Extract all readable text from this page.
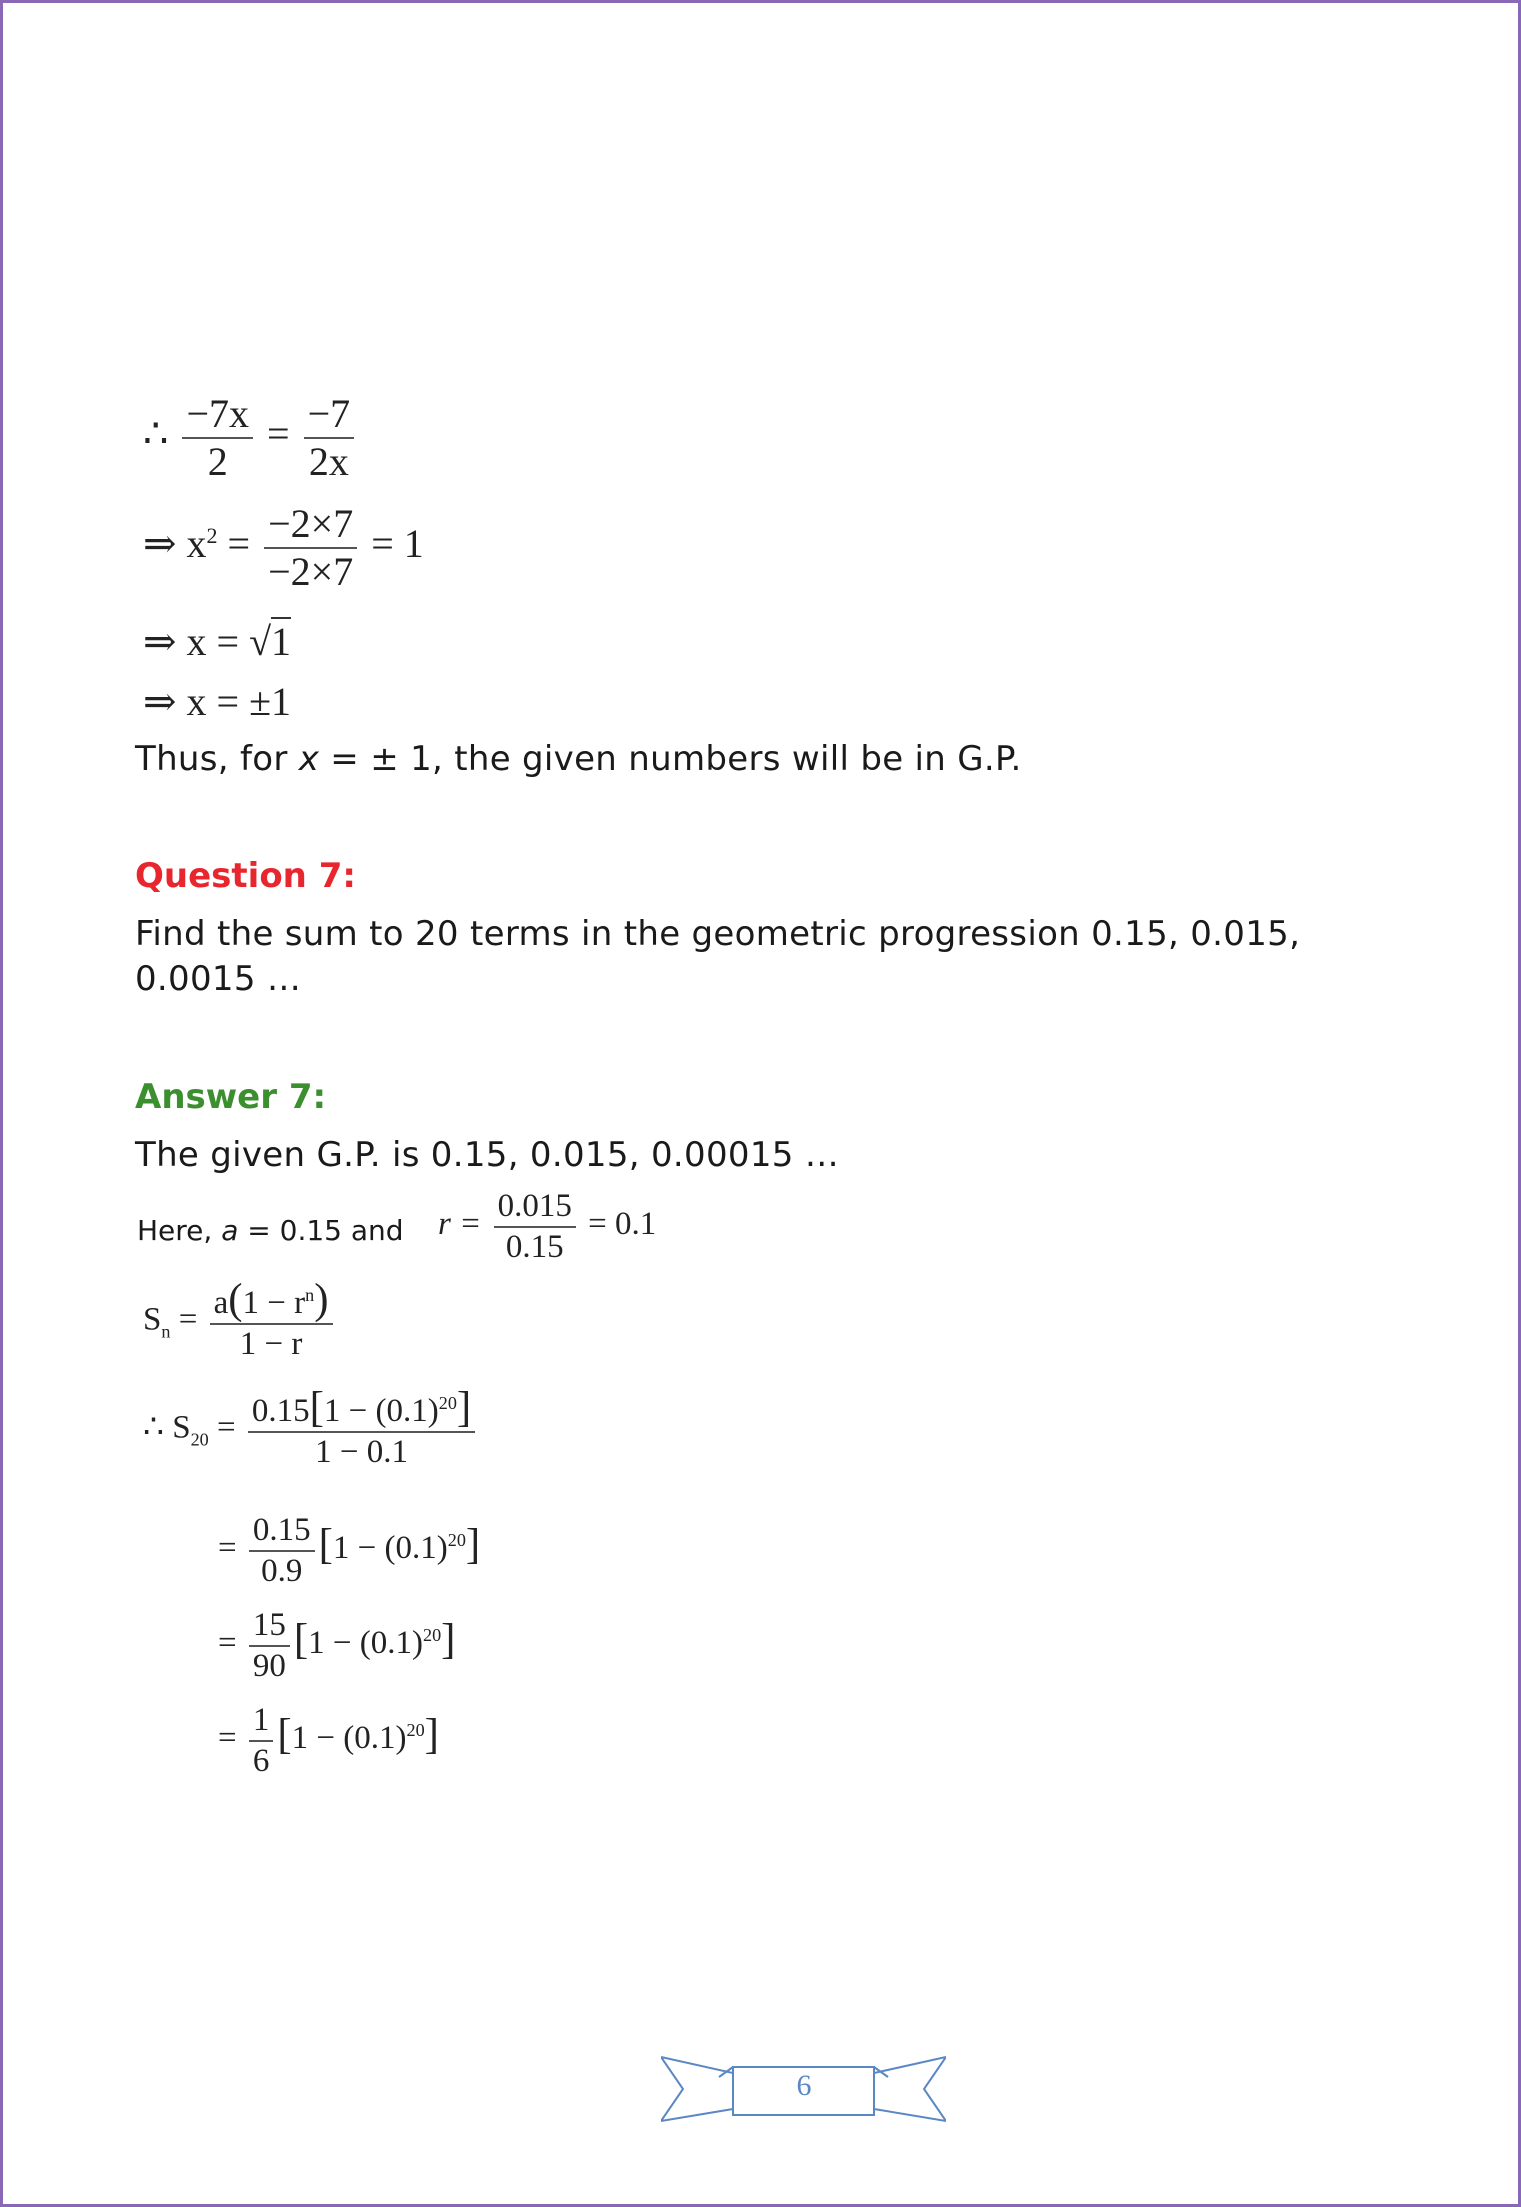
∴ $\frac{-7x}{2} = \frac{-7}{2x}$
⇒ $x^2 = \frac{-2\times 7}{-2\times 7} = 1$
⇒ x = √1
⇒ x = ±1
Thus, for x = ± 1, the given numbers will be in G.P.
Question 7:
Find the sum to 20 terms in the geometric progression 0.15, 0.015,
0.0015 …
Answer 7:
The given G.P. is 0.15, 0.015, 0.00015 …
Here, a = 0.15 and $r = \frac{0.015}{0.15} = 0.1$
$S_n = \frac{a(1 - r^n)}{1 - r}$
∴ $S_{20} = \frac{0.15[1 - (0.1)^{20}]}{1 - 0.1}$
= $\frac{0.15}{0.9} [1 - (0.1)^{20}]$
= $\frac{15}{90} [1 - (0.1)^{20}]$
= $\frac{1}{6} [1 - (0.1)^{20}]$
6
